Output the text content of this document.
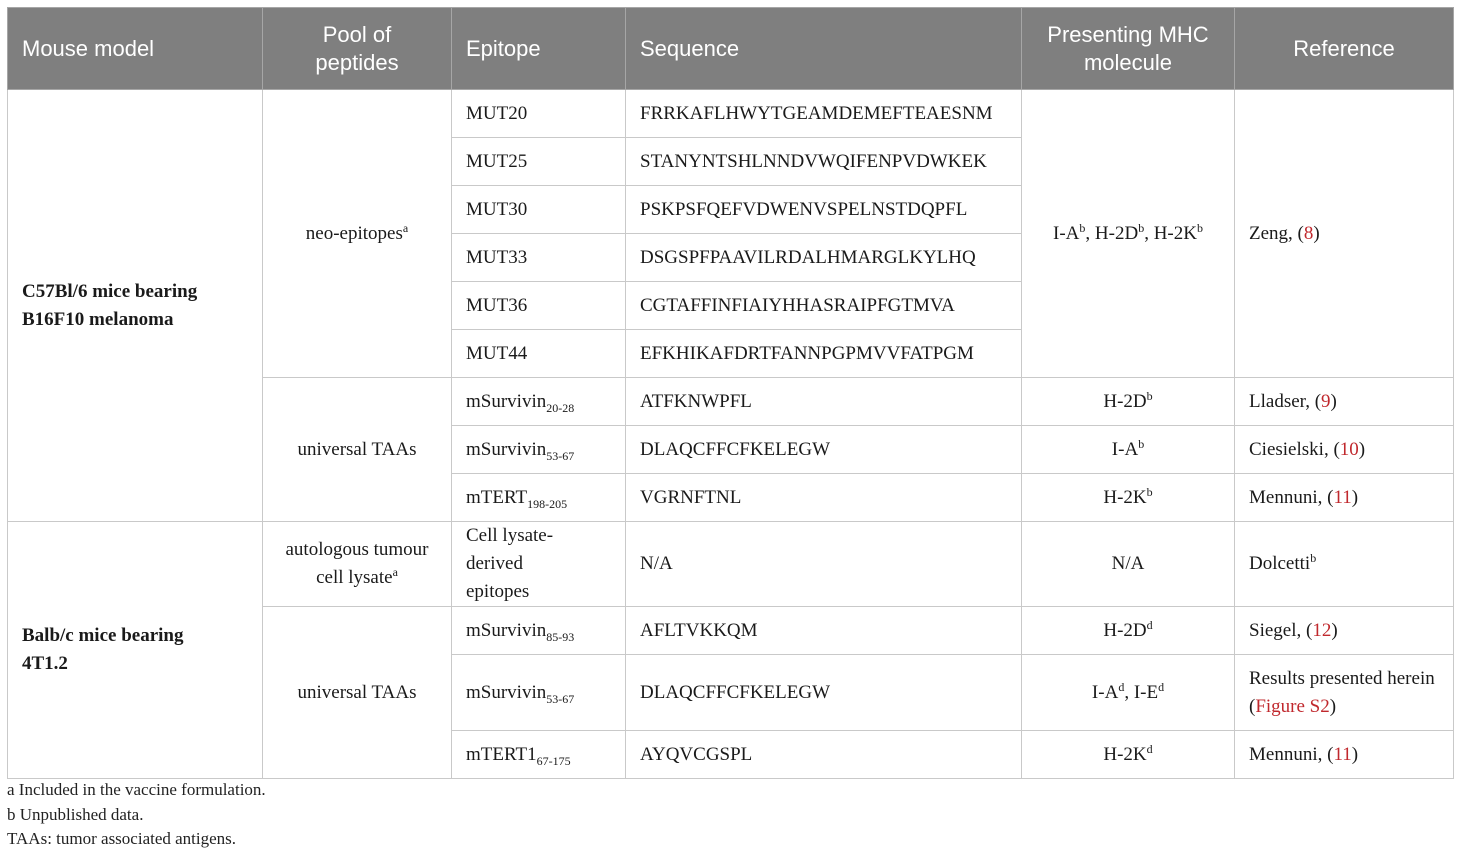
Mouse model	Pool of peptides	Epitope	Sequence	Presenting MHC molecule	Reference
C57Bl/6 mice bearing B16F10 melanoma	neo-epitopes$^a$	MUT20	FRRKAFLHWYTGEAMDEMEFTEAESNM	$I-A^b$, $H-2D^b$, $H-2K^b$	Zeng, (8)
		MUT25	STANYNTSHLNNDVWQIFENPVDWKEK		
		MUT30	PSKPSFQEFVDWENVSPELNSTDQPFL		
		MUT33	DSGSPFPAAVILRDALHMARGLKYLHQ		
		MUT36	CGTAFFINFIAIYHHASRAIPFGTMVA		
		MUT44	EFKHIKAFDRTFANNPGPMVVFATPGM		
	universal TAAs	mSurvivin$_{20-28}$	ATFKNWPFL	$H-2D^b$	Lladser, (9)
		mSurvivin$_{53-67}$	DLAQCFFCFKELEGW	$I-A^b$	Ciesielski, (10)
		mTERT$_{198-205}$	VGRNFTNL	$H-2K^b$	Mennuni, (11)
Balb/c mice bearing 4T1.2	autologous tumour cell lysate$^a$	Cell lysate-derived epitopes	N/A	N/A	Dolcetti$^b$
	universal TAAs	mSurvivin$_{85-93}$	AFLTVKKQM	$H-2D^d$	Siegel, (12)
		mSurvivin$_{53-67}$	DLAQCFFCFKELEGW	$I-A^d$, $I-E^d$	Results presented herein (Figure S2)
		$mTERT1_{67-175}$	AYQVCGSPL	$H-2K^d$	Mennuni, (11)
a Included in the vaccine formulation.
b Unpublished data.
TAAs: tumor associated antigens.
